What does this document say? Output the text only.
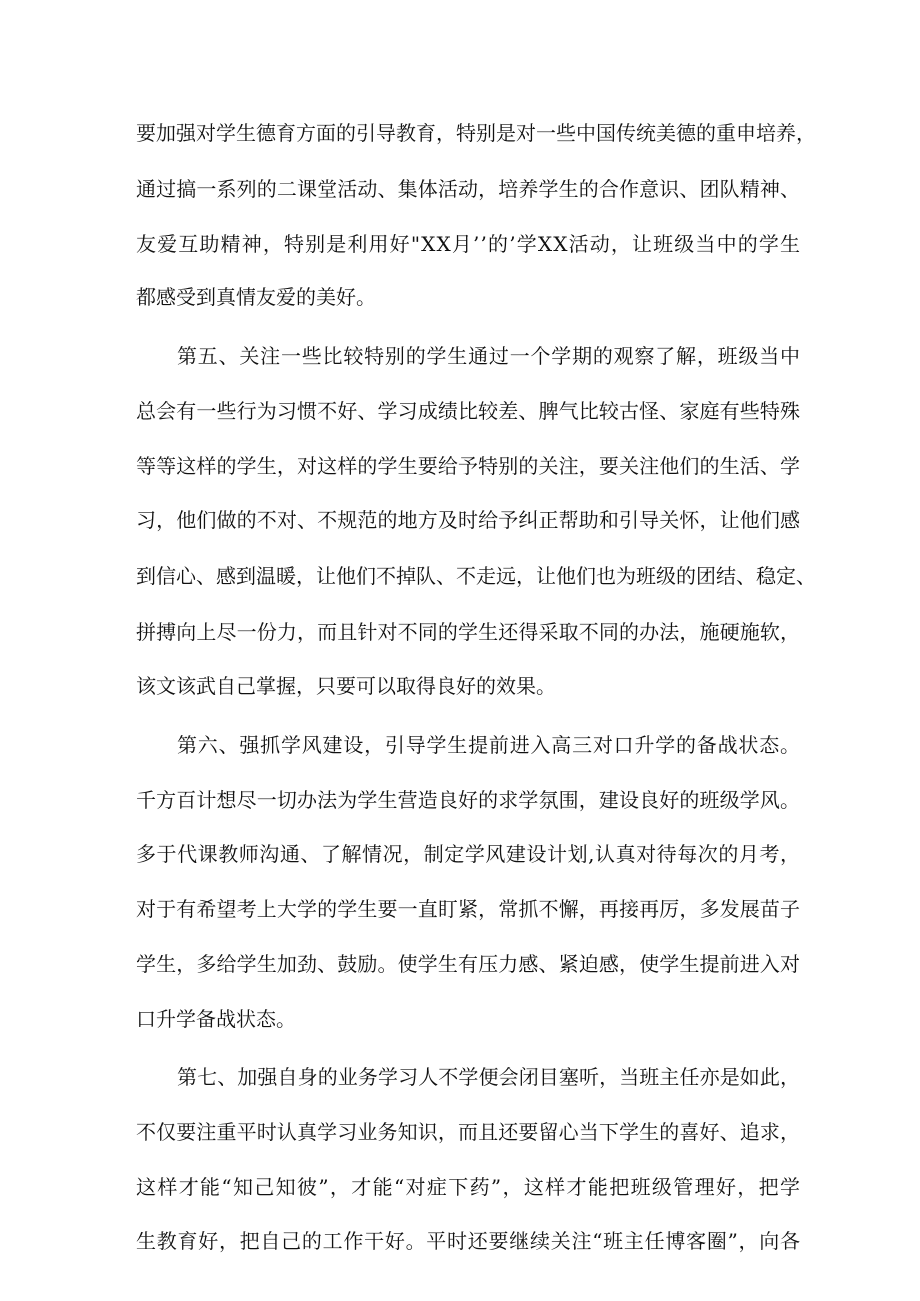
要加强对学生德育方面的引导教育，特别是对一些中国传统美德的重申培养，
通过搞一系列的二课堂活动、集体活动，培养学生的合作意识、团队精神、
友爱互助精神，特别是利用好"XX月’’的’学XX活动，让班级当中的学生
都感受到真情友爱的美好。
第五、关注一些比较特别的学生通过一个学期的观察了解，班级当中
总会有一些行为习惯不好、学习成绩比较差、脾气比较古怪、家庭有些特殊
等等这样的学生，对这样的学生要给予特别的关注，要关注他们的生活、学
习，他们做的不对、不规范的地方及时给予纠正帮助和引导关怀，让他们感
到信心、感到温暖，让他们不掉队、不走远，让他们也为班级的团结、稳定、
拼搏向上尽一份力，而且针对不同的学生还得采取不同的办法，施硬施软，
该文该武自己掌握，只要可以取得良好的效果。
第六、强抓学风建设，引导学生提前进入高三对口升学的备战状态。
千方百计想尽一切办法为学生营造良好的求学氛围，建设良好的班级学风。
多于代课教师沟通、了解情况，制定学风建设计划,认真对待每次的月考，
对于有希望考上大学的学生要一直盯紧，常抓不懈，再接再厉，多发展苗子
学生，多给学生加劲、鼓励。使学生有压力感、紧迫感，使学生提前进入对
口升学备战状态。
第七、加强自身的业务学习人不学便会闭目塞听，当班主任亦是如此，
不仅要注重平时认真学习业务知识，而且还要留心当下学生的喜好、追求，
这样才能“知己知彼”，才能“对症下药”，这样才能把班级管理好，把学
生教育好，把自己的工作干好。平时还要继续关注“班主任博客圈”，向各
